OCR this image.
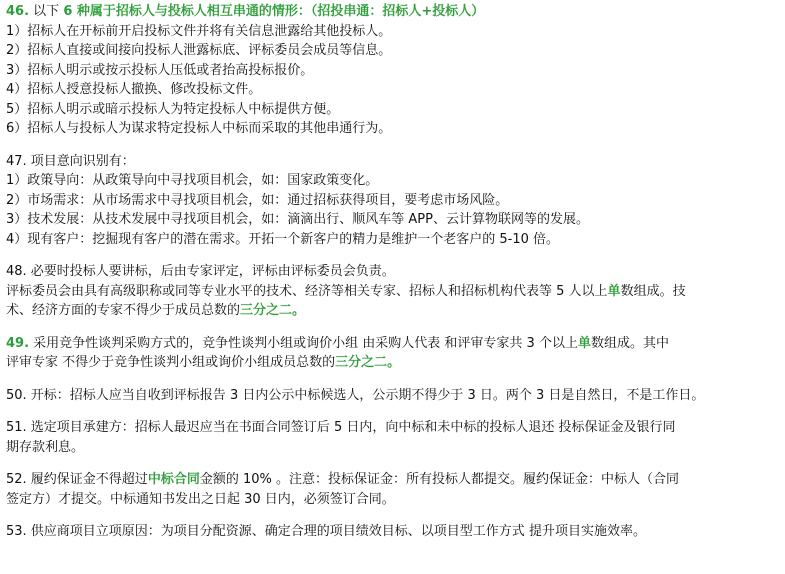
46. 以下 6 种属于招标人与投标人相互串通的情形：（招投串通：招标人+投标人）
1）招标人在开标前开启投标文件并将有关信息泄露给其他投标人。
2）招标人直接或间接向投标人泄露标底、评标委员会成员等信息。
3）招标人明示或按示投标人压低或者抬高投标报价。
4）招标人授意投标人撤换、修改投标文件。
5）招标人明示或暗示投标人为特定投标人中标提供方便。
6）招标人与投标人为谋求特定投标人中标而采取的其他串通行为。
47. 项目意向识别有：
1）政策导向：从政策导向中寻找项目机会，如：国家政策变化。
2）市场需求：从市场需求中寻找项目机会，如：通过招标获得项目，要考虑市场风险。
3）技术发展：从技术发展中寻找项目机会，如：滴滴出行、顺风车等 APP、云计算物联网等的发展。
4）现有客户：挖掘现有客户的潜在需求。开拓一个新客户的精力是维护一个老客户的 5-10 倍。
48. 必要时投标人要讲标，后由专家评定，评标由评标委员会负责。
评标委员会由具有高级职称或同等专业水平的技术、经济等相关专家、招标人和招标机构代表等 5 人以上单数组成。技
术、经济方面的专家不得少于成员总数的三分之二。
49. 采用竞争性谈判采购方式的，竞争性谈判小组或询价小组 由采购人代表 和评审专家共 3 个以上单数组成。其中
评审专家 不得少于竞争性谈判小组或询价小组成员总数的三分之二。
50. 开标：招标人应当自收到评标报告 3 日内公示中标候选人，公示期不得少于 3 日。两个 3 日是自然日，不是工作日。
51. 选定项目承建方：招标人最迟应当在书面合同签订后 5 日内，向中标和未中标的投标人退还 投标保证金及银行同
期存款利息。
52. 履约保证金不得超过中标合同金额的 10% 。注意：投标保证金：所有投标人都提交。履约保证金：中标人（合同
签定方）才提交。中标通知书发出之日起 30 日内，必须签订合同。
53. 供应商项目立项原因：为项目分配资源、确定合理的项目绩效目标、以项目型工作方式 提升项目实施效率。
